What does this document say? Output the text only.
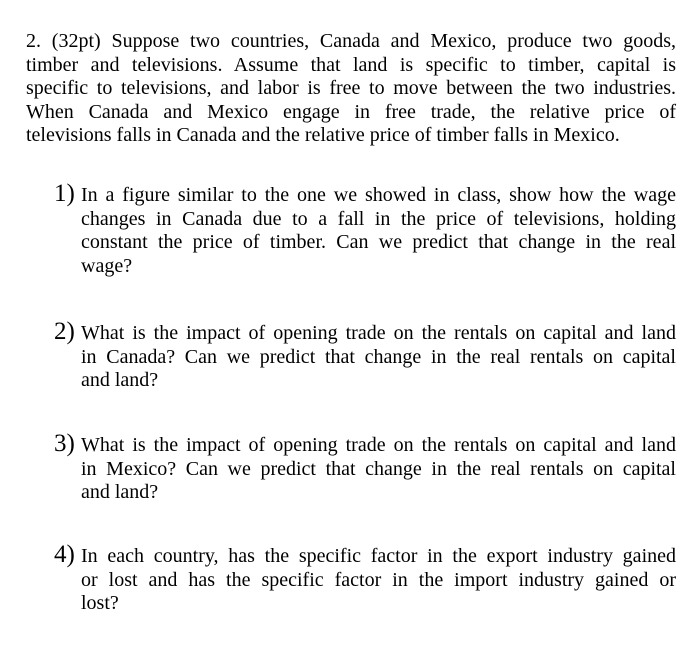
2. (32pt) Suppose two countries, Canada and Mexico, produce two goods,
timber and televisions. Assume that land is specific to timber, capital is
specific to televisions, and labor is free to move between the two industries.
When Canada and Mexico engage in free trade, the relative price of
televisions falls in Canada and the relative price of timber falls in Mexico.
1) In a figure similar to the one we showed in class, show how the wage
changes in Canada due to a fall in the price of televisions, holding
constant the price of timber. Can we predict that change in the real
wage?
2) What is the impact of opening trade on the rentals on capital and land
in Canada? Can we predict that change in the real rentals on capital
and land?
3) What is the impact of opening trade on the rentals on capital and land
in Mexico? Can we predict that change in the real rentals on capital
and land?
4) In each country, has the specific factor in the export industry gained
or lost and has the specific factor in the import industry gained or
lost?
